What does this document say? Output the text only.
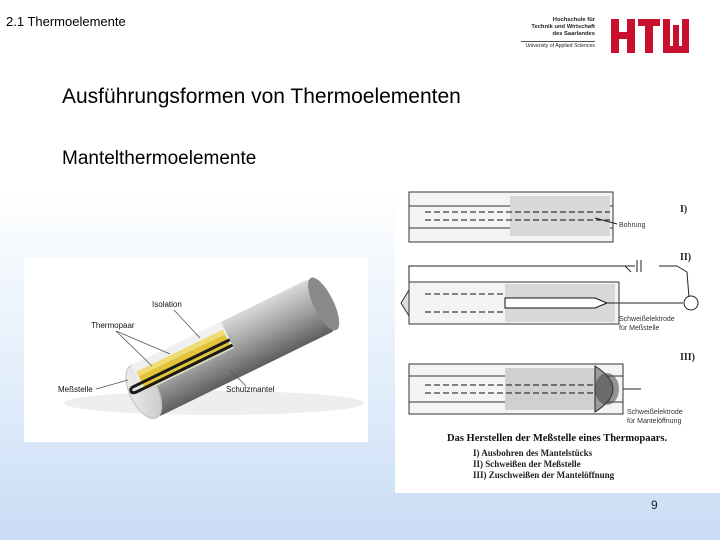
2.1 Thermoelemente	Hochschule für
Technik und Wirtschaft
des Saarlandes
University of Applied Sciences
Ausführungsformen von Thermoelementen
Mantelthermoelemente
Isolation
Thermopaar
Meßstelle	Schutzmantel
Bohrung
I)
Schweißelektrode
für Meßstelle
II)
Schweißelektrode
für Mantelöffnung
III)
Das Herstellen der Meßstelle eines Thermopaars.
I) Ausbohren des Mantelstücks
II) Schweißen der Meßstelle
III) Zuschweißen der Mantelöffnung
9
